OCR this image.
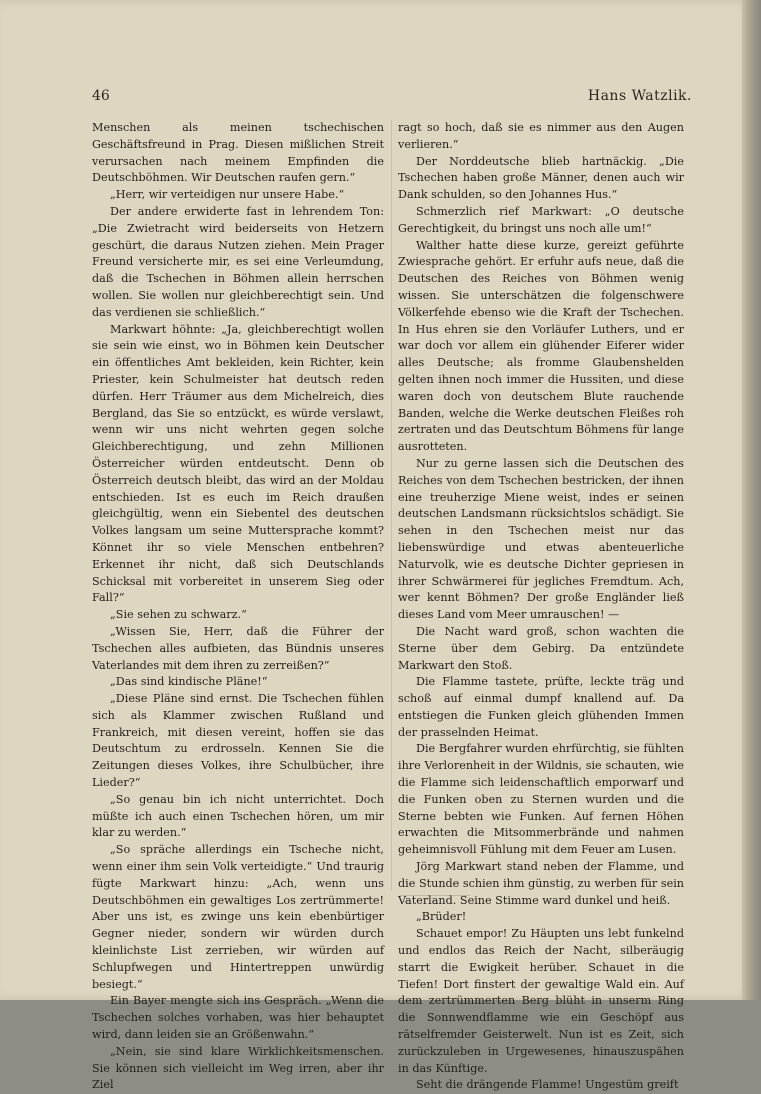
46	Hans Watzlik.

Menschen als meinen tschechischen Geschäftsfreund in Prag. Diesen mißlichen Streit verursachen nach meinem Empfinden die Deutschböhmen. Wir Deutschen raufen gern.“

„Herr, wir verteidigen nur unsere Habe.“

Der andere erwiderte fast in lehrendem Ton: „Die Zwietracht wird beiderseits von Hetzern geschürt, die daraus Nutzen ziehen. Mein Prager Freund versicherte mir, es sei eine Verleumdung, daß die Tschechen in Böhmen allein herrschen wollen. Sie wollen nur gleichberechtigt sein. Und das verdienen sie schließlich.“

Markwart höhnte: „Ja, gleichberechtigt wollen sie sein wie einst, wo in Böhmen kein Deutscher ein öffentliches Amt bekleiden, kein Richter, kein Priester, kein Schulmeister hat deutsch reden dürfen. Herr Träumer aus dem Michelreich, dies Bergland, das Sie so entzückt, es würde verslawt, wenn wir uns nicht wehrten gegen solche Gleichberechtigung, und zehn Millionen Österreicher würden entdeutscht. Denn ob Österreich deutsch bleibt, das wird an der Moldau entschieden. Ist es euch im Reich draußen gleichgültig, wenn ein Siebentel des deutschen Volkes langsam um seine Muttersprache kommt? Könnet ihr so viele Menschen entbehren? Erkennet ihr nicht, daß sich Deutschlands Schicksal mit vorbereitet in unserem Sieg oder Fall?“

„Sie sehen zu schwarz.“

„Wissen Sie, Herr, daß die Führer der Tschechen alles aufbieten, das Bündnis unseres Vaterlandes mit dem ihren zu zerreißen?“

„Das sind kindische Pläne!“

„Diese Pläne sind ernst. Die Tschechen fühlen sich als Klammer zwischen Rußland und Frankreich, mit diesen vereint, hoffen sie das Deutschtum zu erdrosseln. Kennen Sie die Zeitungen dieses Volkes, ihre Schulbücher, ihre Lieder?“

„So genau bin ich nicht unterrichtet. Doch müßte ich auch einen Tschechen hören, um mir klar zu werden.“

„So spräche allerdings ein Tscheche nicht, wenn einer ihm sein Volk verteidigte.“ Und traurig fügte Markwart hinzu: „Ach, wenn uns Deutschböhmen ein gewaltiges Los zertrümmerte! Aber uns ist, es zwinge uns kein ebenbürtiger Gegner nieder, sondern wir würden durch kleinlichste List zerrieben, wir würden auf Schlupfwegen und Hintertreppen unwürdig besiegt.“

Ein Bayer mengte sich ins Gespräch. „Wenn die Tschechen solches vorhaben, was hier behauptet wird, dann leiden sie an Größenwahn.“

„Nein, sie sind klare Wirklichkeitsmenschen. Sie können sich vielleicht im Weg irren, aber ihr Ziel

ragt so hoch, daß sie es nimmer aus den Augen verlieren.“

Der Norddeutsche blieb hartnäckig. „Die Tschechen haben große Männer, denen auch wir Dank schulden, so den Johannes Hus.“

Schmerzlich rief Markwart: „O deutsche Gerechtigkeit, du bringst uns noch alle um!“

Walther hatte diese kurze, gereizt geführte Zwiesprache gehört. Er erfuhr aufs neue, daß die Deutschen des Reiches von Böhmen wenig wissen. Sie unterschätzen die folgenschwere Völkerfehde ebenso wie die Kraft der Tschechen. In Hus ehren sie den Vorläufer Luthers, und er war doch vor allem ein glühender Eiferer wider alles Deutsche; als fromme Glaubenshelden gelten ihnen noch immer die Hussiten, und diese waren doch von deutschem Blute rauchende Banden, welche die Werke deutschen Fleißes roh zertraten und das Deutschtum Böhmens für lange ausrotteten.

Nur zu gerne lassen sich die Deutschen des Reiches von dem Tschechen bestricken, der ihnen eine treuherzige Miene weist, indes er seinen deutschen Landsmann rücksichtslos schädigt. Sie sehen in den Tschechen meist nur das liebenswürdige und etwas abenteuerliche Naturvolk, wie es deutsche Dichter gepriesen in ihrer Schwärmerei für jegliches Fremdtum. Ach, wer kennt Böhmen? Der große Engländer ließ dieses Land vom Meer umrauschen! —

Die Nacht ward groß, schon wachten die Sterne über dem Gebirg. Da entzündete Markwart den Stoß.

Die Flamme tastete, prüfte, leckte träg und schoß auf einmal dumpf knallend auf. Da entstiegen die Funken gleich glühenden Immen der prasselnden Heimat.

Die Bergfahrer wurden ehrfürchtig, sie fühlten ihre Verlorenheit in der Wildnis, sie schauten, wie die Flamme sich leidenschaftlich emporwarf und die Funken oben zu Sternen wurden und die Sterne bebten wie Funken. Auf fernen Höhen erwachten die Mitsommerbrände und nahmen geheimnisvoll Fühlung mit dem Feuer am Lusen.

Jörg Markwart stand neben der Flamme, und die Stunde schien ihm günstig, zu werben für sein Vaterland. Seine Stimme ward dunkel und heiß.

„Brüder!

Schauet empor! Zu Häupten uns lebt funkelnd und endlos das Reich der Nacht, silberäugig starrt die Ewigkeit herüber. Schauet in die Tiefen! Dort finstert der gewaltige Wald ein. Auf dem zertrümmerten Berg blüht in unserm Ring die Sonnwendflamme wie ein Geschöpf aus rätselfremder Geisterwelt. Nun ist es Zeit, sich zurückzuleben in Urgewesenes, hinauszuspähen in das Künftige.

Seht die drängende Flamme! Ungestüm greift
